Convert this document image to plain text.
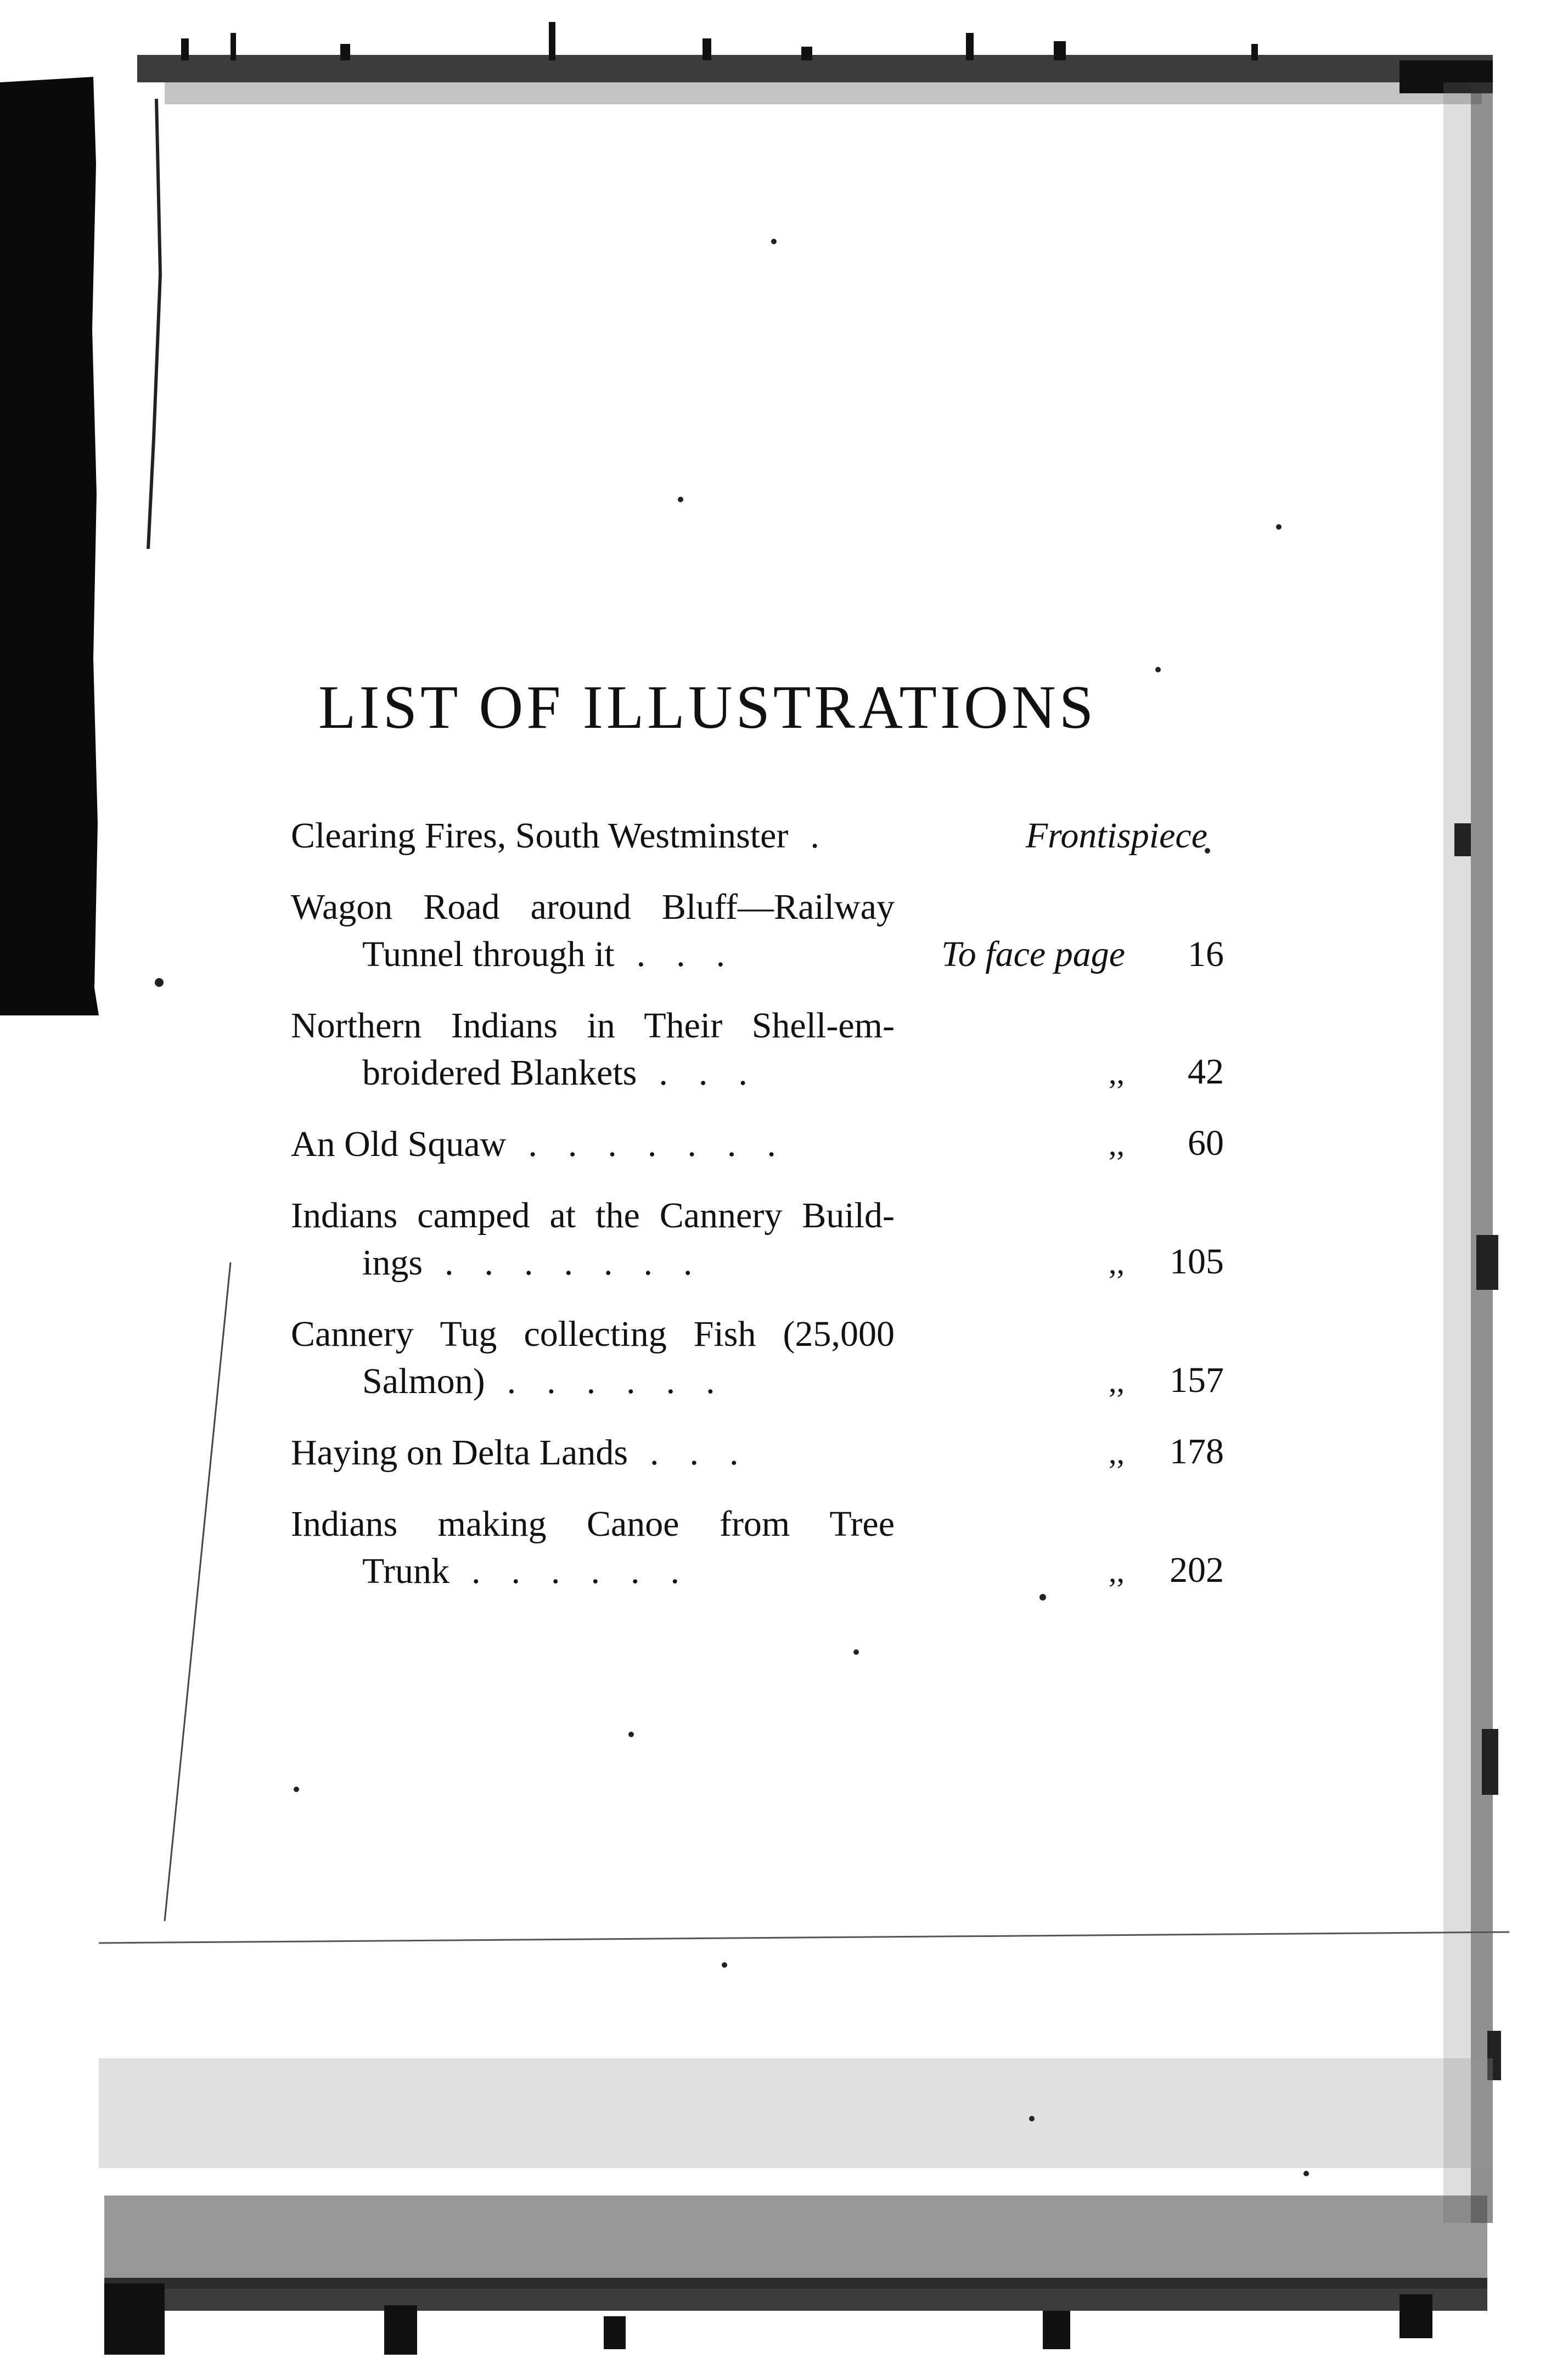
LIST OF ILLUSTRATIONS
Clearing Fires, South Westminster .	Frontispiece
Wagon Road around Bluff—Railway
Tunnel through it ...	To face page	16
Northern Indians in Their Shell-em-
broidered Blankets ...	,,	42
An Old Squaw .......	,,	60
Indians camped at the Cannery Build-
ings .......	,,	105
Cannery Tug collecting Fish (25,000
Salmon) ......	,,	157
Haying on Delta Lands ...	,,	178
Indians making Canoe from Tree
Trunk ......	,,	202
